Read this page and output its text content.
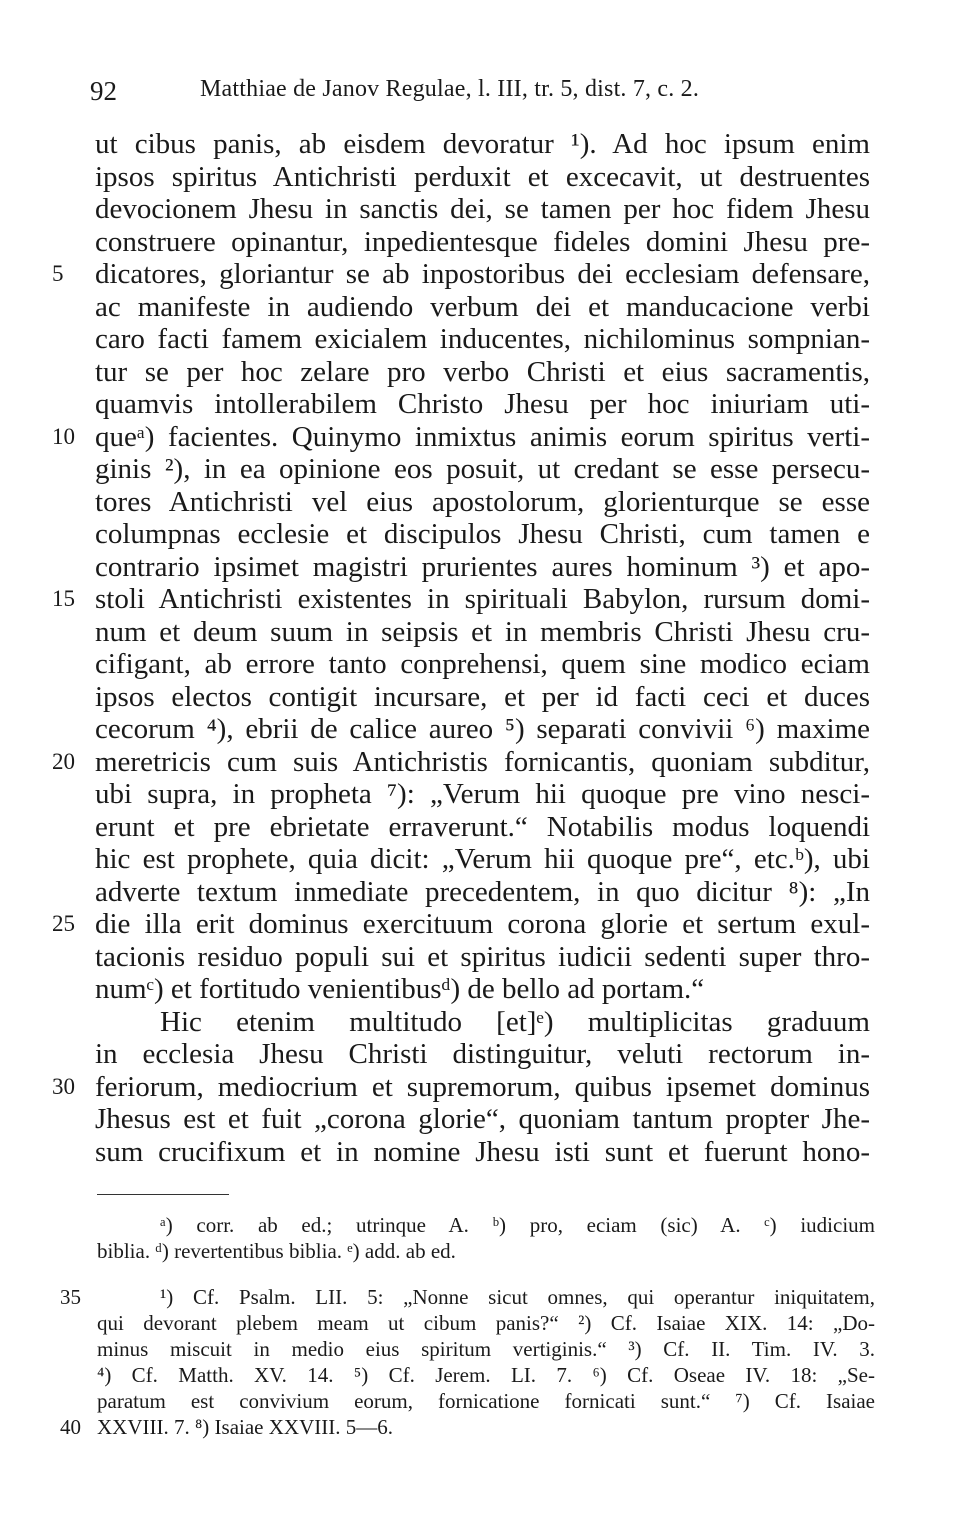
92	Matthiae de Janov Regulae, l. III, tr. 5, dist. 7, c. 2.
ut cibus panis, ab eisdem devoratur ¹). Ad hoc ipsum enim
ipsos spiritus Antichristi perduxit et excecavit, ut destruentes
devocionem Jhesu in sanctis dei, se tamen per hoc fidem Jhesu
construere opinantur, inpedientesque fideles domini Jhesu pre-
5	dicatores, gloriantur se ab inpostoribus dei ecclesiam defensare,
ac manifeste in audiendo verbum dei et manducacione verbi
caro facti famem exicialem inducentes, nichilominus sompnian-
tur se per hoc zelare pro verbo Christi et eius sacramentis,
quamvis intollerabilem Christo Jhesu per hoc iniuriam uti-
10 queᵃ) facientes. Quinymo inmixtus animis eorum spiritus verti-
ginis ²), in ea opinione eos posuit, ut credant se esse persecu-
tores Antichristi vel eius apostolorum, glorienturque se esse
columpnas ecclesie et discipulos Jhesu Christi, cum tamen e
contrario ipsimet magistri prurientes aures hominum ³) et apo-
15 stoli Antichristi existentes in spirituali Babylon, rursum domi-
num et deum suum in seipsis et in membris Christi Jhesu cru-
cifigant, ab errore tanto conprehensi, quem sine modico eciam
ipsos electos contigit incursare, et per id facti ceci et duces
cecorum ⁴), ebrii de calice aureo ⁵) separati convivii ⁶) maxime
20 meretricis cum suis Antichristis fornicantis, quoniam subditur,
ubi supra, in propheta ⁷): „Verum hii quoque pre vino nesci-
erunt et pre ebrietate erraverunt.“ Notabilis modus loquendi
hic est prophete, quia dicit: „Verum hii quoque pre“, etc.ᵇ), ubi
adverte textum inmediate precedentem, in quo dicitur ⁸): „In
25 die illa erit dominus exercituum corona glorie et sertum exul-
tacionis residuo populi sui et spiritus iudicii sedenti super thro-
numᶜ) et fortitudo venientibusᵈ) de bello ad portam.“
Hic etenim multitudo [et]ᵉ) multiplicitas graduum
in ecclesia Jhesu Christi distinguitur, veluti rectorum in-
30 feriorum, mediocrium et supremorum, quibus ipsemet dominus
Jhesus est et fuit „corona glorie“, quoniam tantum propter Jhe-
sum crucifixum et in nomine Jhesu isti sunt et fuerunt hono-
ᵃ) corr. ab ed.; utrinque A. ᵇ) pro, eciam (sic) A. ᶜ) iudicium
biblia. ᵈ) revertentibus biblia. ᵉ) add. ab ed.
35	¹) Cf. Psalm. LII. 5: „Nonne sicut omnes, qui operantur iniquitatem,
qui devorant plebem meam ut cibum panis?“ ²) Cf. Isaiae XIX. 14: „Do-
minus miscuit in medio eius spiritum vertiginis.“ ³) Cf. II. Tim. IV. 3.
⁴) Cf. Matth. XV. 14. ⁵) Cf. Jerem. LI. 7. ⁶) Cf. Oseae IV. 18: „Se-
paratum est convivium eorum, fornicatione fornicati sunt.“ ⁷) Cf. Isaiae
40 XXVIII. 7. ⁸) Isaiae XXVIII. 5—6.
